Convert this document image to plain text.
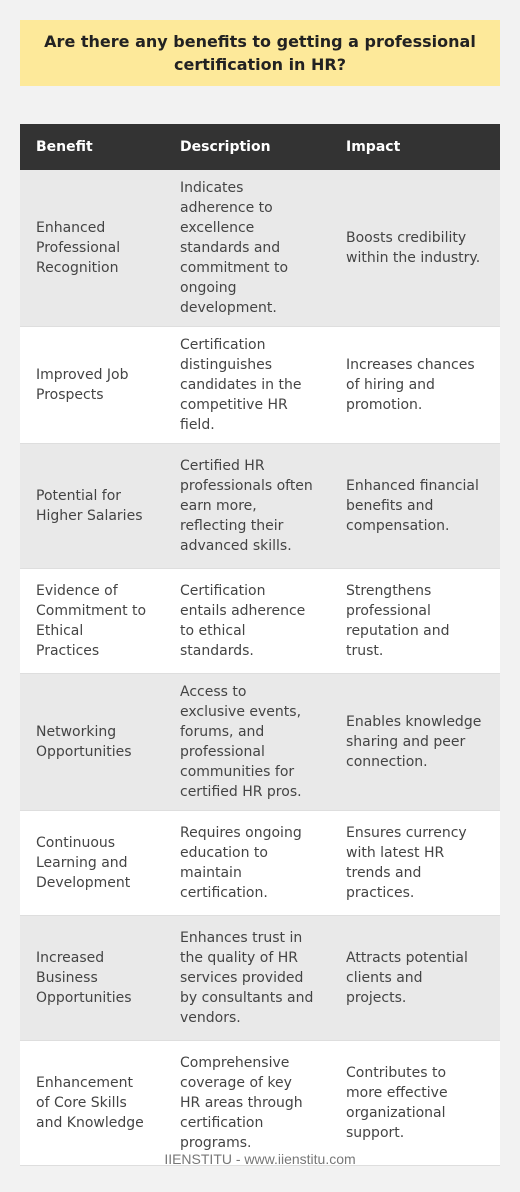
Are there any benefits to getting a professional certification in HR?
Benefit	Description	Impact
Enhanced Professional Recognition	Indicates adherence to excellence standards and commitment to ongoing development.	Boosts credibility within the industry.
Improved Job Prospects	Certification distinguishes candidates in the competitive HR field.	Increases chances of hiring and promotion.
Potential for Higher Salaries	Certified HR professionals often earn more, reflecting their advanced skills.	Enhanced financial benefits and compensation.
Evidence of Commitment to Ethical Practices	Certification entails adherence to ethical standards.	Strengthens professional reputation and trust.
Networking Opportunities	Access to exclusive events, forums, and professional communities for certified HR pros.	Enables knowledge sharing and peer connection.
Continuous Learning and Development	Requires ongoing education to maintain certification.	Ensures currency with latest HR trends and practices.
Increased Business Opportunities	Enhances trust in the quality of HR services provided by consultants and vendors.	Attracts potential clients and projects.
Enhancement of Core Skills and Knowledge	Comprehensive coverage of key HR areas through certification programs.	Contributes to more effective organizational support.
IIENSTITU - www.iienstitu.com
